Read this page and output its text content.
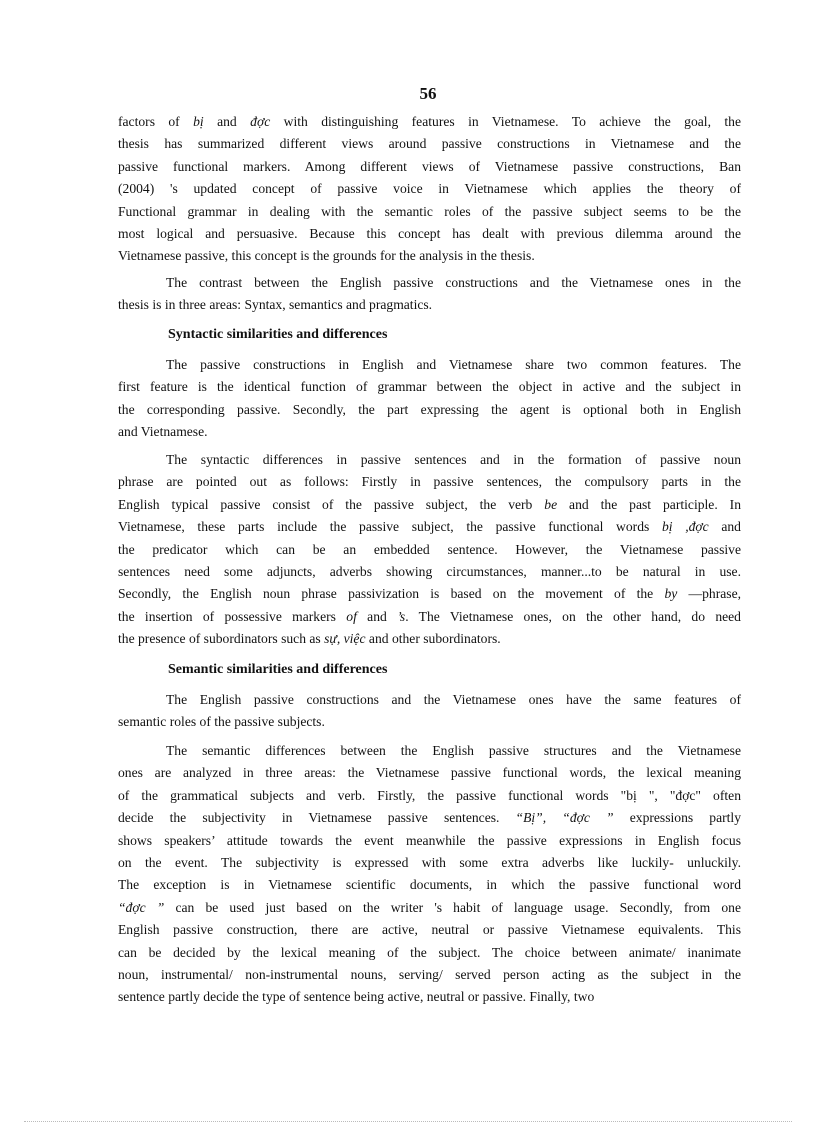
56
factors of bị and đợc with distinguishing features in Vietnamese. To achieve the goal, the
thesis has summarized different views around passive constructions in Vietnamese and the
passive functional markers. Among different views of Vietnamese passive constructions, Ban
(2004) 's updated concept of passive voice in Vietnamese which applies the theory of
Functional grammar in dealing with the semantic roles of the passive subject seems to be the
most logical and persuasive. Because this concept has dealt with previous dilemma around the
Vietnamese passive, this concept is the grounds for the analysis in the thesis.
The contrast between the English passive constructions and the Vietnamese ones in the
thesis is in three areas: Syntax, semantics and pragmatics.
Syntactic similarities and differences
The passive constructions in English and Vietnamese share two common features. The
first feature is the identical function of grammar between the object in active and the subject in
the corresponding passive. Secondly, the part expressing the agent is optional both in English
and Vietnamese.
The syntactic differences in passive sentences and in the formation of passive noun
phrase are pointed out as follows: Firstly in passive sentences, the compulsory parts in the
English typical passive consist of the passive subject, the verb be and the past participle. In
Vietnamese, these parts include the passive subject, the passive functional words bị ,đợc and
the predicator which can be an embedded sentence. However, the Vietnamese passive
sentences need some adjuncts, adverbs showing circumstances, manner...to be natural in use.
Secondly, the English noun phrase passivization is based on the movement of the by —phrase,
the insertion of possessive markers of and ’s. The Vietnamese ones, on the other hand, do need
the presence of subordinators such as sự, việc and other subordinators.
Semantic similarities and differences
The English passive constructions and the Vietnamese ones have the same features of
semantic roles of the passive subjects.
The semantic differences between the English passive structures and the Vietnamese
ones are analyzed in three areas: the Vietnamese passive functional words, the lexical meaning
of the grammatical subjects and verb. Firstly, the passive functional words "bị ", "đợc" often
decide the subjectivity in Vietnamese passive sentences. “Bị”, “đợc ” expressions partly
shows speakers’ attitude towards the event meanwhile the passive expressions in English focus
on the event. The subjectivity is expressed with some extra adverbs like luckily- unluckily.
The exception is in Vietnamese scientific documents, in which the passive functional word
“đợc ” can be used just based on the writer 's habit of language usage. Secondly, from one
English passive construction, there are active, neutral or passive Vietnamese equivalents. This
can be decided by the lexical meaning of the subject. The choice between animate/ inanimate
noun, instrumental/ non-instrumental nouns, serving/ served person acting as the subject in the
sentence partly decide the type of sentence being active, neutral or passive. Finally, two
